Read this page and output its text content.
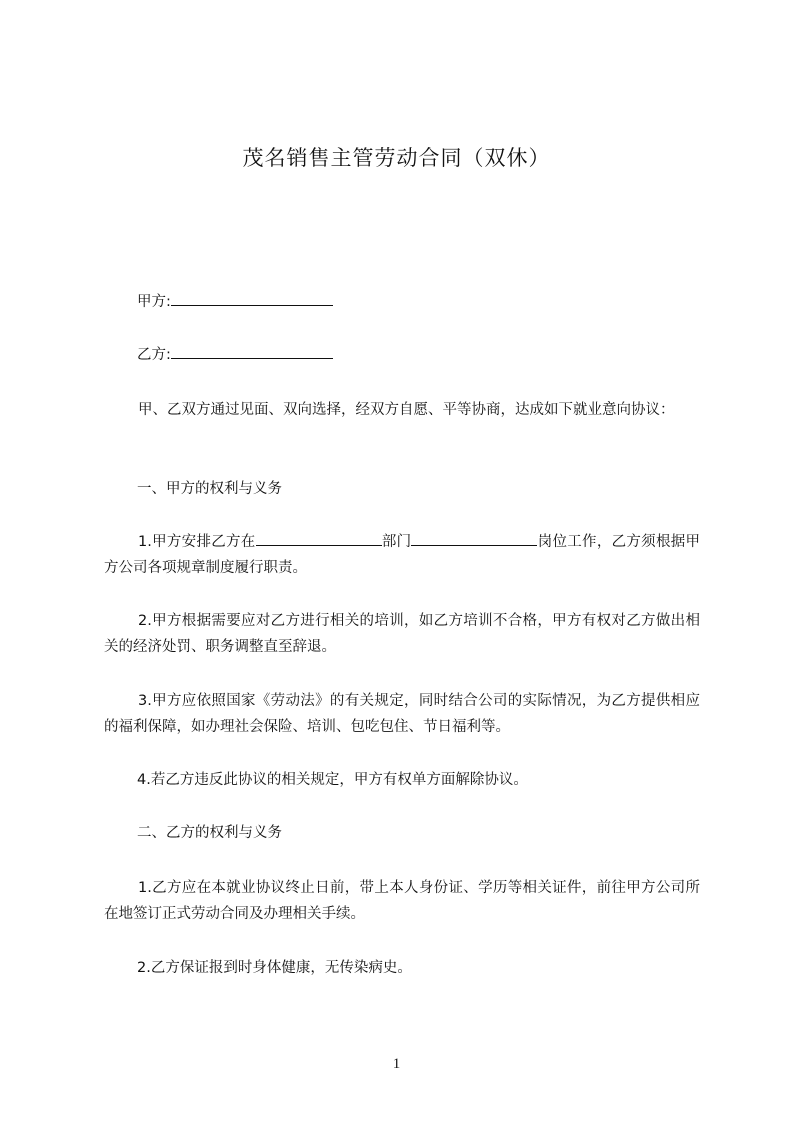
茂名销售主管劳动合同（双休）
甲方:
乙方:
甲、乙双方通过见面、双向选择，经双方自愿、平等协商，达成如下就业意向协议：
一、甲方的权利与义务
1.甲方安排乙方在	部门	岗位工作，乙方须根据甲方公司各项规章制度履行职责。
2.甲方根据需要应对乙方进行相关的培训，如乙方培训不合格，甲方有权对乙方做出相关的经济处罚、职务调整直至辞退。
3.甲方应依照国家《劳动法》的有关规定，同时结合公司的实际情况，为乙方提供相应的福利保障，如办理社会保险、培训、包吃包住、节日福利等。
4.若乙方违反此协议的相关规定，甲方有权单方面解除协议。
二、乙方的权利与义务
1.乙方应在本就业协议终止日前，带上本人身份证、学历等相关证件，前往甲方公司所在地签订正式劳动合同及办理相关手续。
2.乙方保证报到时身体健康，无传染病史。
1
